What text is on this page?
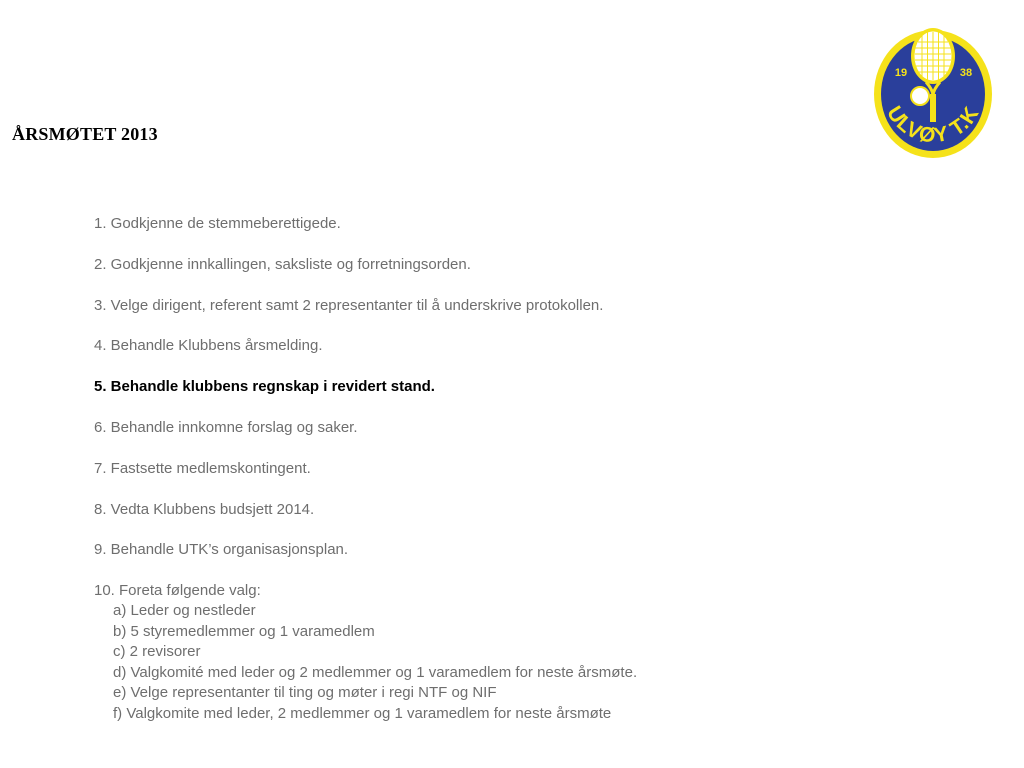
ÅRSMØTET 2013
19	38
ULVØY T.K
1. Godkjenne de stemmeberettigede.
2. Godkjenne innkallingen, saksliste og forretningsorden.
3. Velge dirigent, referent samt 2 representanter til å underskrive protokollen.
4. Behandle Klubbens årsmelding.
5. Behandle klubbens regnskap i revidert stand.
6. Behandle innkomne forslag og saker.
7. Fastsette medlemskontingent.
8. Vedta Klubbens budsjett 2014.
9. Behandle UTK’s organisasjonsplan.
10. Foreta følgende valg:
a) Leder og nestleder
b) 5 styremedlemmer og 1 varamedlem
c) 2 revisorer
d) Valgkomité med leder og 2 medlemmer og 1 varamedlem for neste årsmøte.
e) Velge representanter til ting og møter i regi NTF og NIF
f) Valgkomite med leder, 2 medlemmer og 1 varamedlem for neste årsmøte
